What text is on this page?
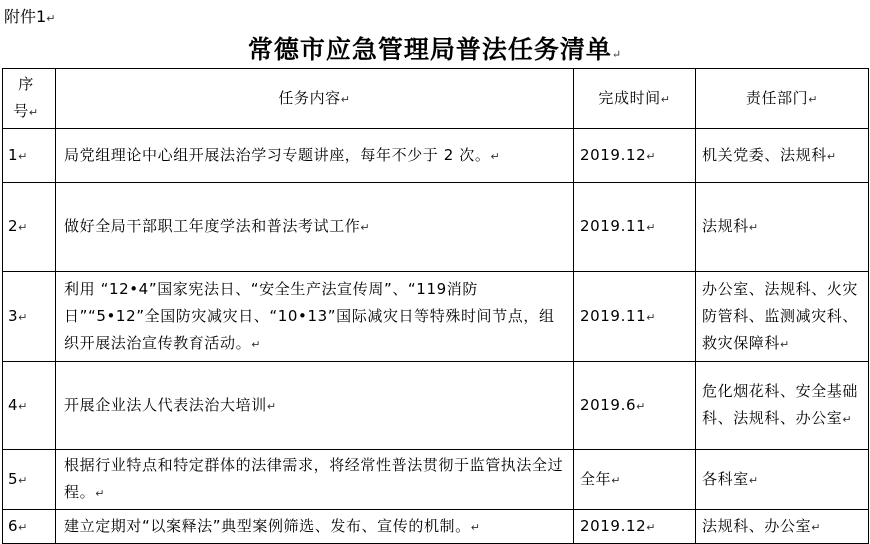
附件1↵
常德市应急管理局普法任务清单↵
序
号↵	任务内容↵	完成时间↵	责任部门↵
1↵	局党组理论中心组开展法治学习专题讲座，每年不少于 2 次。↵	2019.12↵	机关党委、法规科↵
2↵	做好全局干部职工年度学法和普法考试工作↵	2019.11↵	法规科↵
3↵	利用 “12•4”国家宪法日、“安全生产法宣传周”、“119消防日”“5•12”全国防灾减灾日、“10•13”国际减灾日等特殊时间节点，组织开展法治宣传教育活动。↵	2019.11↵	办公室、法规科、火灾防管科、监测减灾科、救灾保障科↵
4↵	开展企业法人代表法治大培训↵	2019.6↵	危化烟花科、安全基础科、法规科、办公室↵
5↵	根据行业特点和特定群体的法律需求，将经常性普法贯彻于监管执法全过程。↵	全年↵	各科室↵
6↵	建立定期对“以案释法”典型案例筛选、发布、宣传的机制。↵	2019.12↵	法规科、办公室↵
